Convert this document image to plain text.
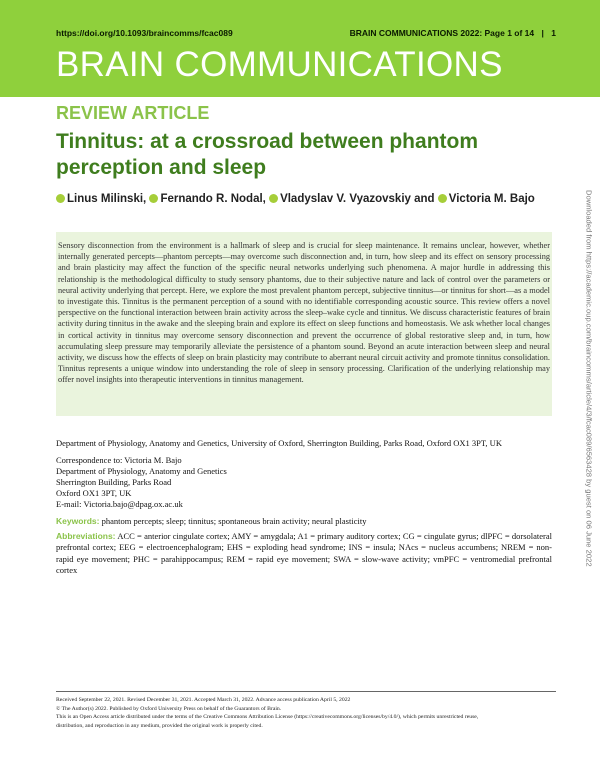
https://doi.org/10.1093/braincomms/fcac089	BRAIN COMMUNICATIONS 2022: Page 1 of 14 | 1
BRAIN COMMUNICATIONS
REVIEW ARTICLE
Tinnitus: at a crossroad between phantom perception and sleep
Linus Milinski, Fernando R. Nodal, Vladyslav V. Vyazovskiy and Victoria M. Bajo

Sensory disconnection from the environment is a hallmark of sleep and is crucial for sleep maintenance. It remains unclear, however, whether internally generated percepts—phantom percepts—may overcome such disconnection and, in turn, how sleep and its effect on sensory processing and brain plasticity may affect the function of the specific neural networks underlying such phenomena. A major hurdle in addressing this relationship is the methodological difficulty to study sensory phantoms, due to their subjective nature and lack of control over the parameters or neural activity underlying that percept. Here, we explore the most prevalent phantom percept, subjective tinnitus—or tinnitus for short—as a model to investigate this. Tinnitus is the permanent perception of a sound with no identifiable corresponding acoustic source. This review offers a novel perspective on the functional interaction between brain activity across the sleep–wake cycle and tinnitus. We discuss characteristic features of brain activity during tinnitus in the awake and the sleeping brain and explore its effect on sleep functions and homeostasis. We ask whether local changes in cortical activity in tinnitus may overcome sensory disconnection and prevent the occurrence of global restorative sleep and, in turn, how accumulating sleep pressure may temporarily alleviate the persistence of a phantom sound. Beyond an acute interaction between sleep and neural activity, we discuss how the effects of sleep on brain plasticity may contribute to aberrant neural circuit activity and promote tinnitus consolidation. Tinnitus represents a unique window into understanding the role of sleep in sensory processing. Clarification of the underlying relationship may offer novel insights into therapeutic interventions in tinnitus management.

Department of Physiology, Anatomy and Genetics, University of Oxford, Sherrington Building, Parks Road, Oxford OX1 3PT, UK
Correspondence to: Victoria M. Bajo
Department of Physiology, Anatomy and Genetics
Sherrington Building, Parks Road
Oxford OX1 3PT, UK
E-mail: Victoria.bajo@dpag.ox.ac.uk
Keywords: phantom percepts; sleep; tinnitus; spontaneous brain activity; neural plasticity
Abbreviations: ACC = anterior cingulate cortex; AMY = amygdala; A1 = primary auditory cortex; CG = cingulate gyrus; dlPFC = dorsolateral prefrontal cortex; EEG = electroencephalogram; EHS = exploding head syndrome; INS = insula; NAcs = nucleus accumbens; NREM = non-rapid eye movement; PHC = parahippocampus; REM = rapid eye movement; SWA = slow-wave activity; vmPFC = ventromedial prefrontal cortex
Downloaded from https://academic.oup.com/braincomms/article/4/3/fcac089/6563428 by guest on 06 June 2022
Received September 22, 2021. Revised December 31, 2021. Accepted March 31, 2022. Advance access publication April 5, 2022
© The Author(s) 2022. Published by Oxford University Press on behalf of the Guarantors of Brain.
This is an Open Access article distributed under the terms of the Creative Commons Attribution License (https://creativecommons.org/licenses/by/4.0/), which permits unrestricted reuse,
distribution, and reproduction in any medium, provided the original work is properly cited.
